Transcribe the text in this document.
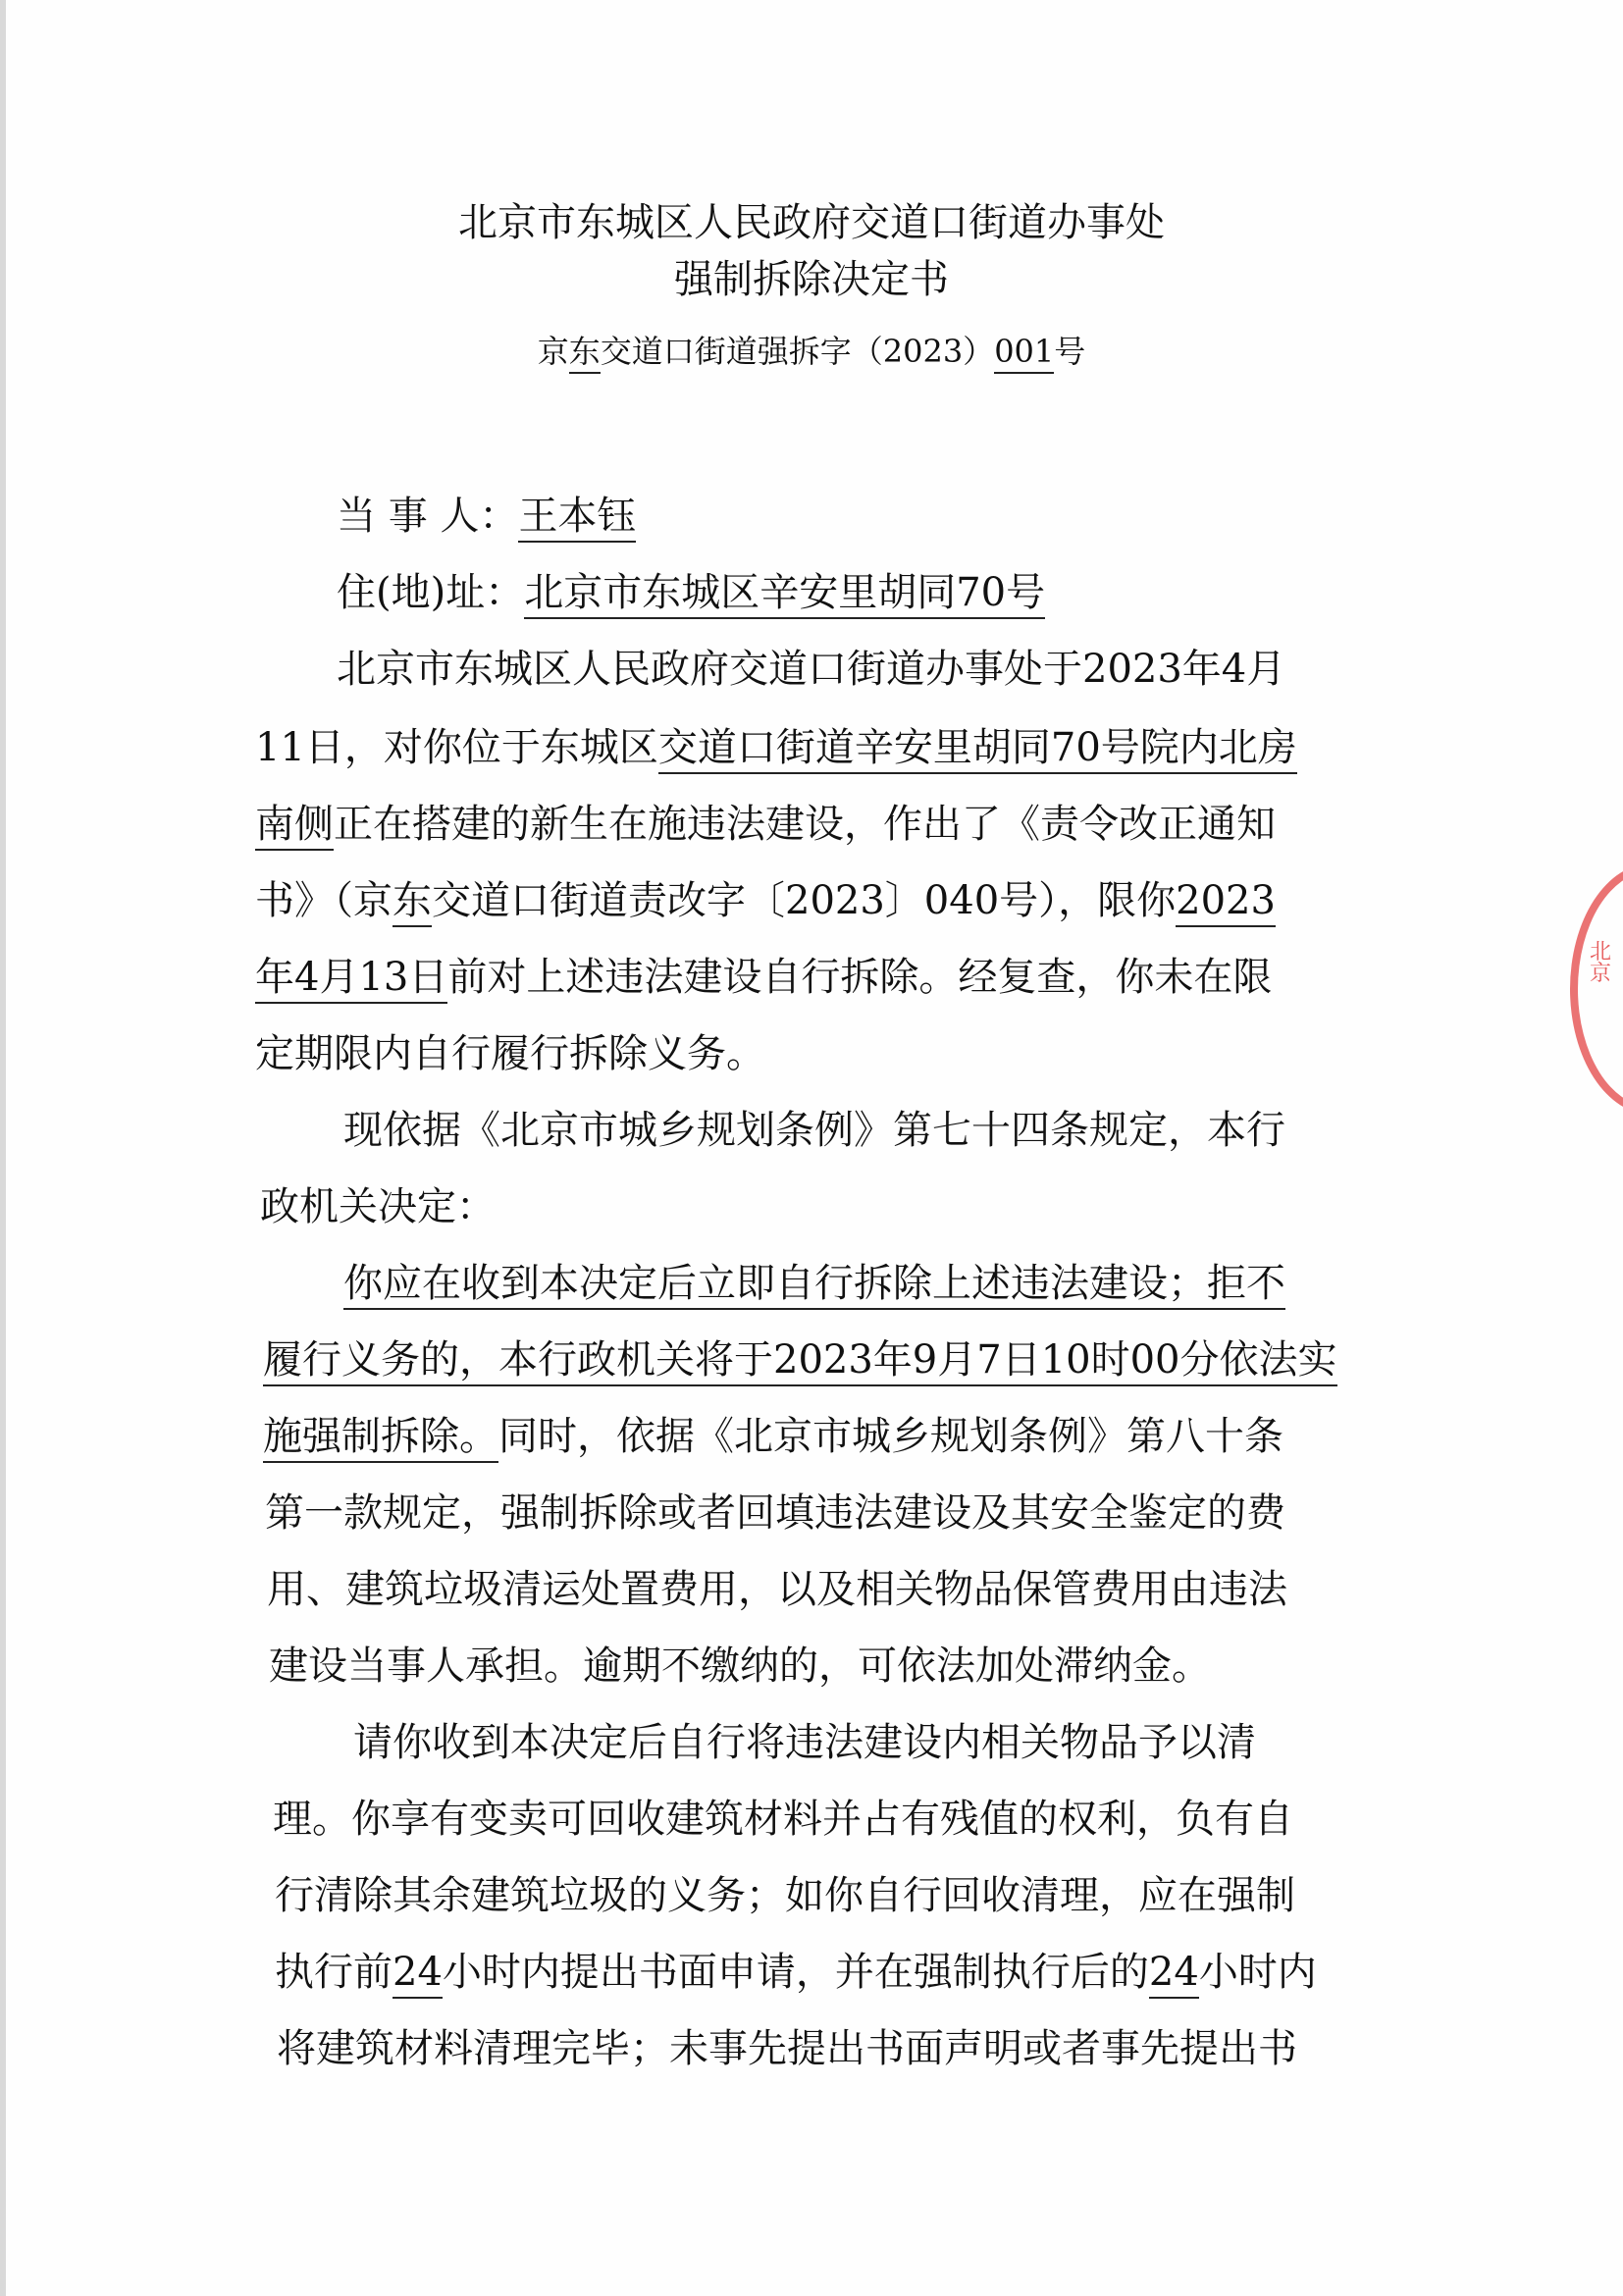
北京市东城区人民政府交道口街道办事处
强制拆除决定书
京东交道口街道强拆字（2023）001号
当 事 人：王本钰
住(地)址：北京市东城区辛安里胡同70号
北京市东城区人民政府交道口街道办事处于2023年4月
11日，对你位于东城区交道口街道辛安里胡同70号院内北房
南侧正在搭建的新生在施违法建设，作出了《责令改正通知
书》（京东交道口街道责改字〔2023〕040号），限你2023
年4月13日前对上述违法建设自行拆除。经复查，你未在限
定期限内自行履行拆除义务。
现依据《北京市城乡规划条例》第七十四条规定，本行
政机关决定：
你应在收到本决定后立即自行拆除上述违法建设；拒不
履行义务的，本行政机关将于2023年9月7日10时00分依法实
施强制拆除。同时，依据《北京市城乡规划条例》第八十条
第一款规定，强制拆除或者回填违法建设及其安全鉴定的费
用、建筑垃圾清运处置费用，以及相关物品保管费用由违法
建设当事人承担。逾期不缴纳的，可依法加处滞纳金。
请你收到本决定后自行将违法建设内相关物品予以清
理。你享有变卖可回收建筑材料并占有残值的权利，负有自
行清除其余建筑垃圾的义务；如你自行回收清理，应在强制
执行前24小时内提出书面申请，并在强制执行后的24小时内
将建筑材料清理完毕；未事先提出书面声明或者事先提出书
北京
